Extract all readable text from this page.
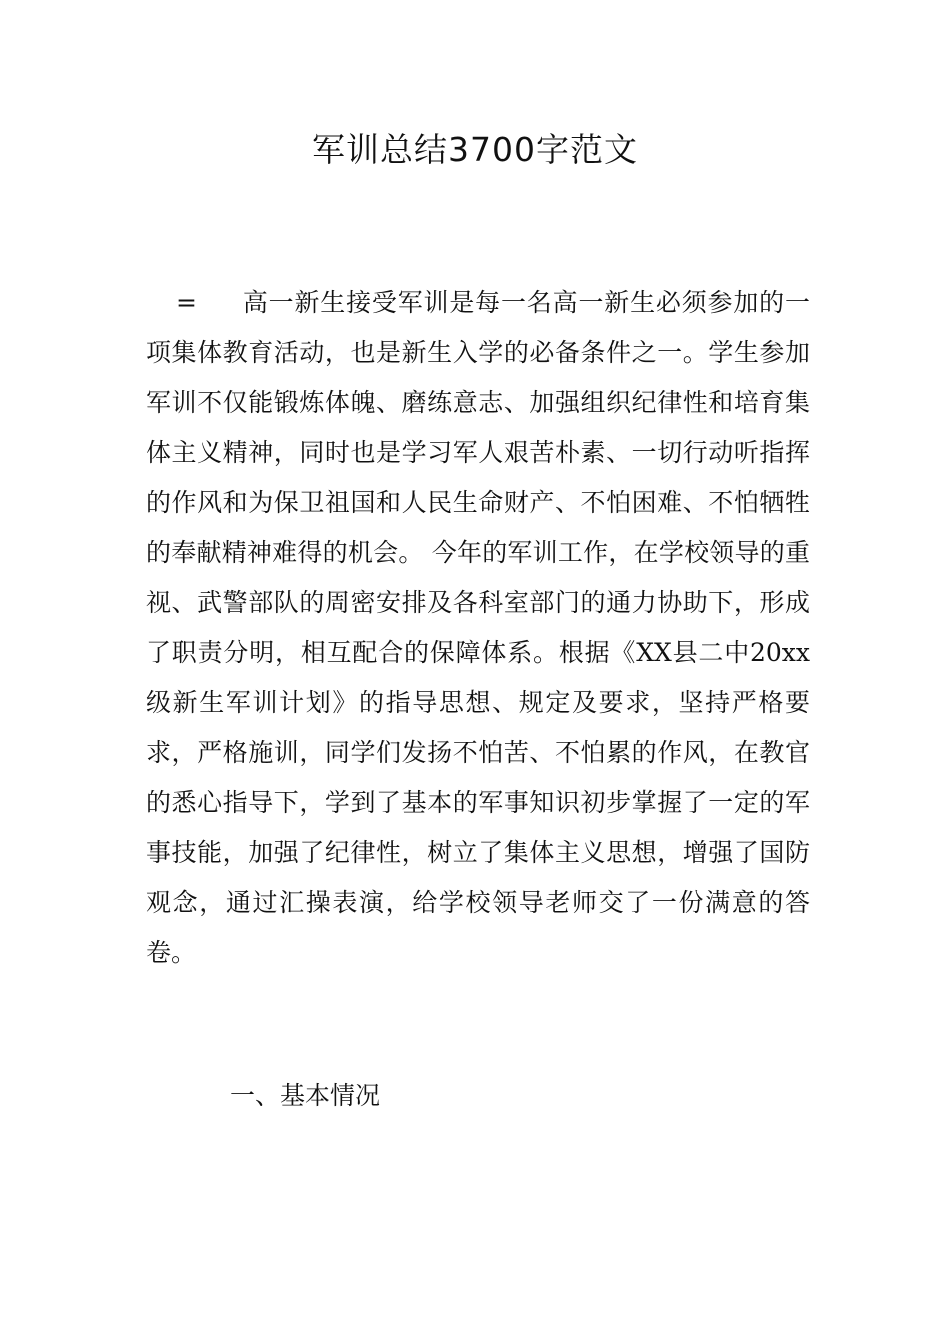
军训总结3700字范文

= 高一新生接受军训是每一名高一新生必须参加的一项集体教育活动，也是新生入学的必备条件之一。学生参加军训不仅能锻炼体魄、磨练意志、加强组织纪律性和培育集体主义精神，同时也是学习军人艰苦朴素、一切行动听指挥的作风和为保卫祖国和人民生命财产、不怕困难、不怕牺牲的奉献精神难得的机会。 今年的军训工作，在学校领导的重视、武警部队的周密安排及各科室部门的通力协助下，形成了职责分明，相互配合的保障体系。根据《XX县二中20xx 级新生军训计划》的指导思想、规定及要求，坚持严格要求，严格施训，同学们发扬不怕苦、不怕累的作风，在教官的悉心指导下，学到了基本的军事知识初步掌握了一定的军事技能，加强了纪律性，树立了集体主义思想，增强了国防观念，通过汇操表演，给学校领导老师交了一份满意的答卷。

一、基本情况
